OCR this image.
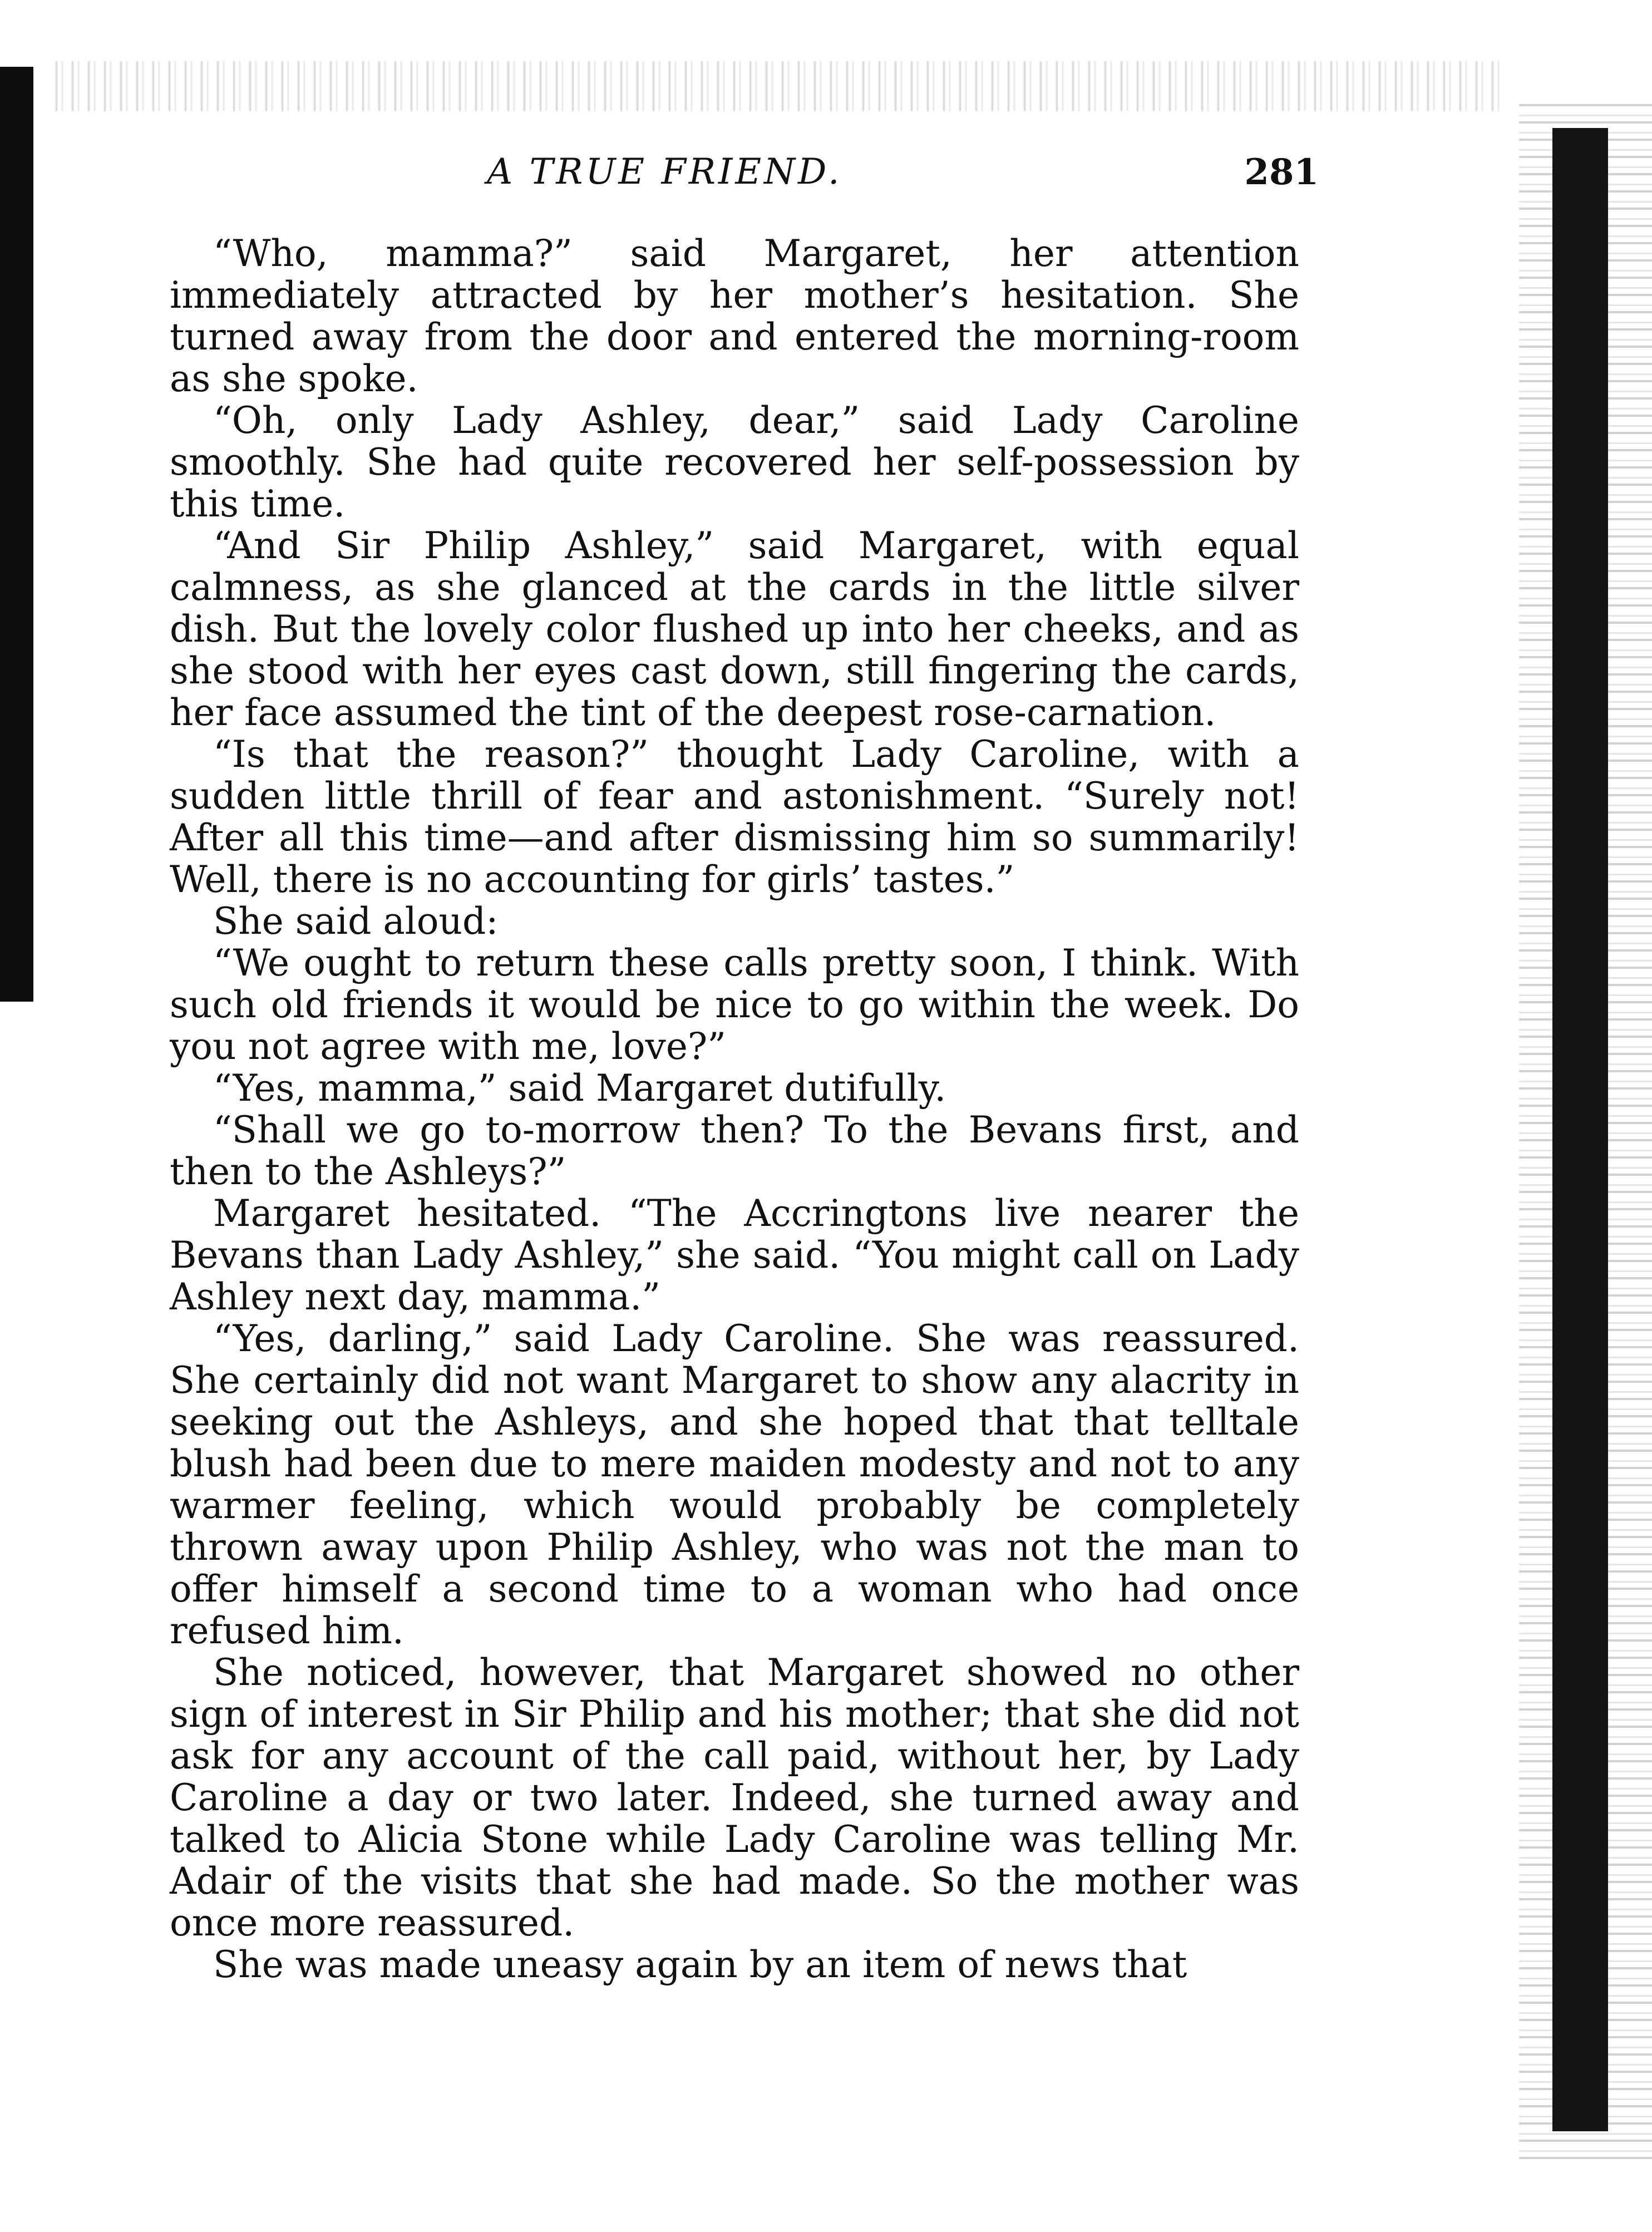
A TRUE FRIEND.	281

“Who, mamma?” said Margaret, her attention immediately attracted by her mother’s hesitation. She turned away from the door and entered the morning-room as she spoke.

“Oh, only Lady Ashley, dear,” said Lady Caroline smoothly. She had quite recovered her self-possession by this time.

“And Sir Philip Ashley,” said Margaret, with equal calmness, as she glanced at the cards in the little silver dish. But the lovely color flushed up into her cheeks, and as she stood with her eyes cast down, still fingering the cards, her face assumed the tint of the deepest rose-carnation.

“Is that the reason?” thought Lady Caroline, with a sudden little thrill of fear and astonishment. “Surely not! After all this time—and after dismissing him so summarily! Well, there is no accounting for girls’ tastes.”

She said aloud:

“We ought to return these calls pretty soon, I think. With such old friends it would be nice to go within the week. Do you not agree with me, love?”

“Yes, mamma,” said Margaret dutifully.

“Shall we go to-morrow then? To the Bevans first, and then to the Ashleys?”

Margaret hesitated. “The Accringtons live nearer the Bevans than Lady Ashley,” she said. “You might call on Lady Ashley next day, mamma.”

“Yes, darling,” said Lady Caroline. She was reassured. She certainly did not want Margaret to show any alacrity in seeking out the Ashleys, and she hoped that that telltale blush had been due to mere maiden modesty and not to any warmer feeling, which would probably be completely thrown away upon Philip Ashley, who was not the man to offer himself a second time to a woman who had once refused him.

She noticed, however, that Margaret showed no other sign of interest in Sir Philip and his mother; that she did not ask for any account of the call paid, without her, by Lady Caroline a day or two later. Indeed, she turned away and talked to Alicia Stone while Lady Caroline was telling Mr. Adair of the visits that she had made. So the mother was once more reassured.

She was made uneasy again by an item of news that
